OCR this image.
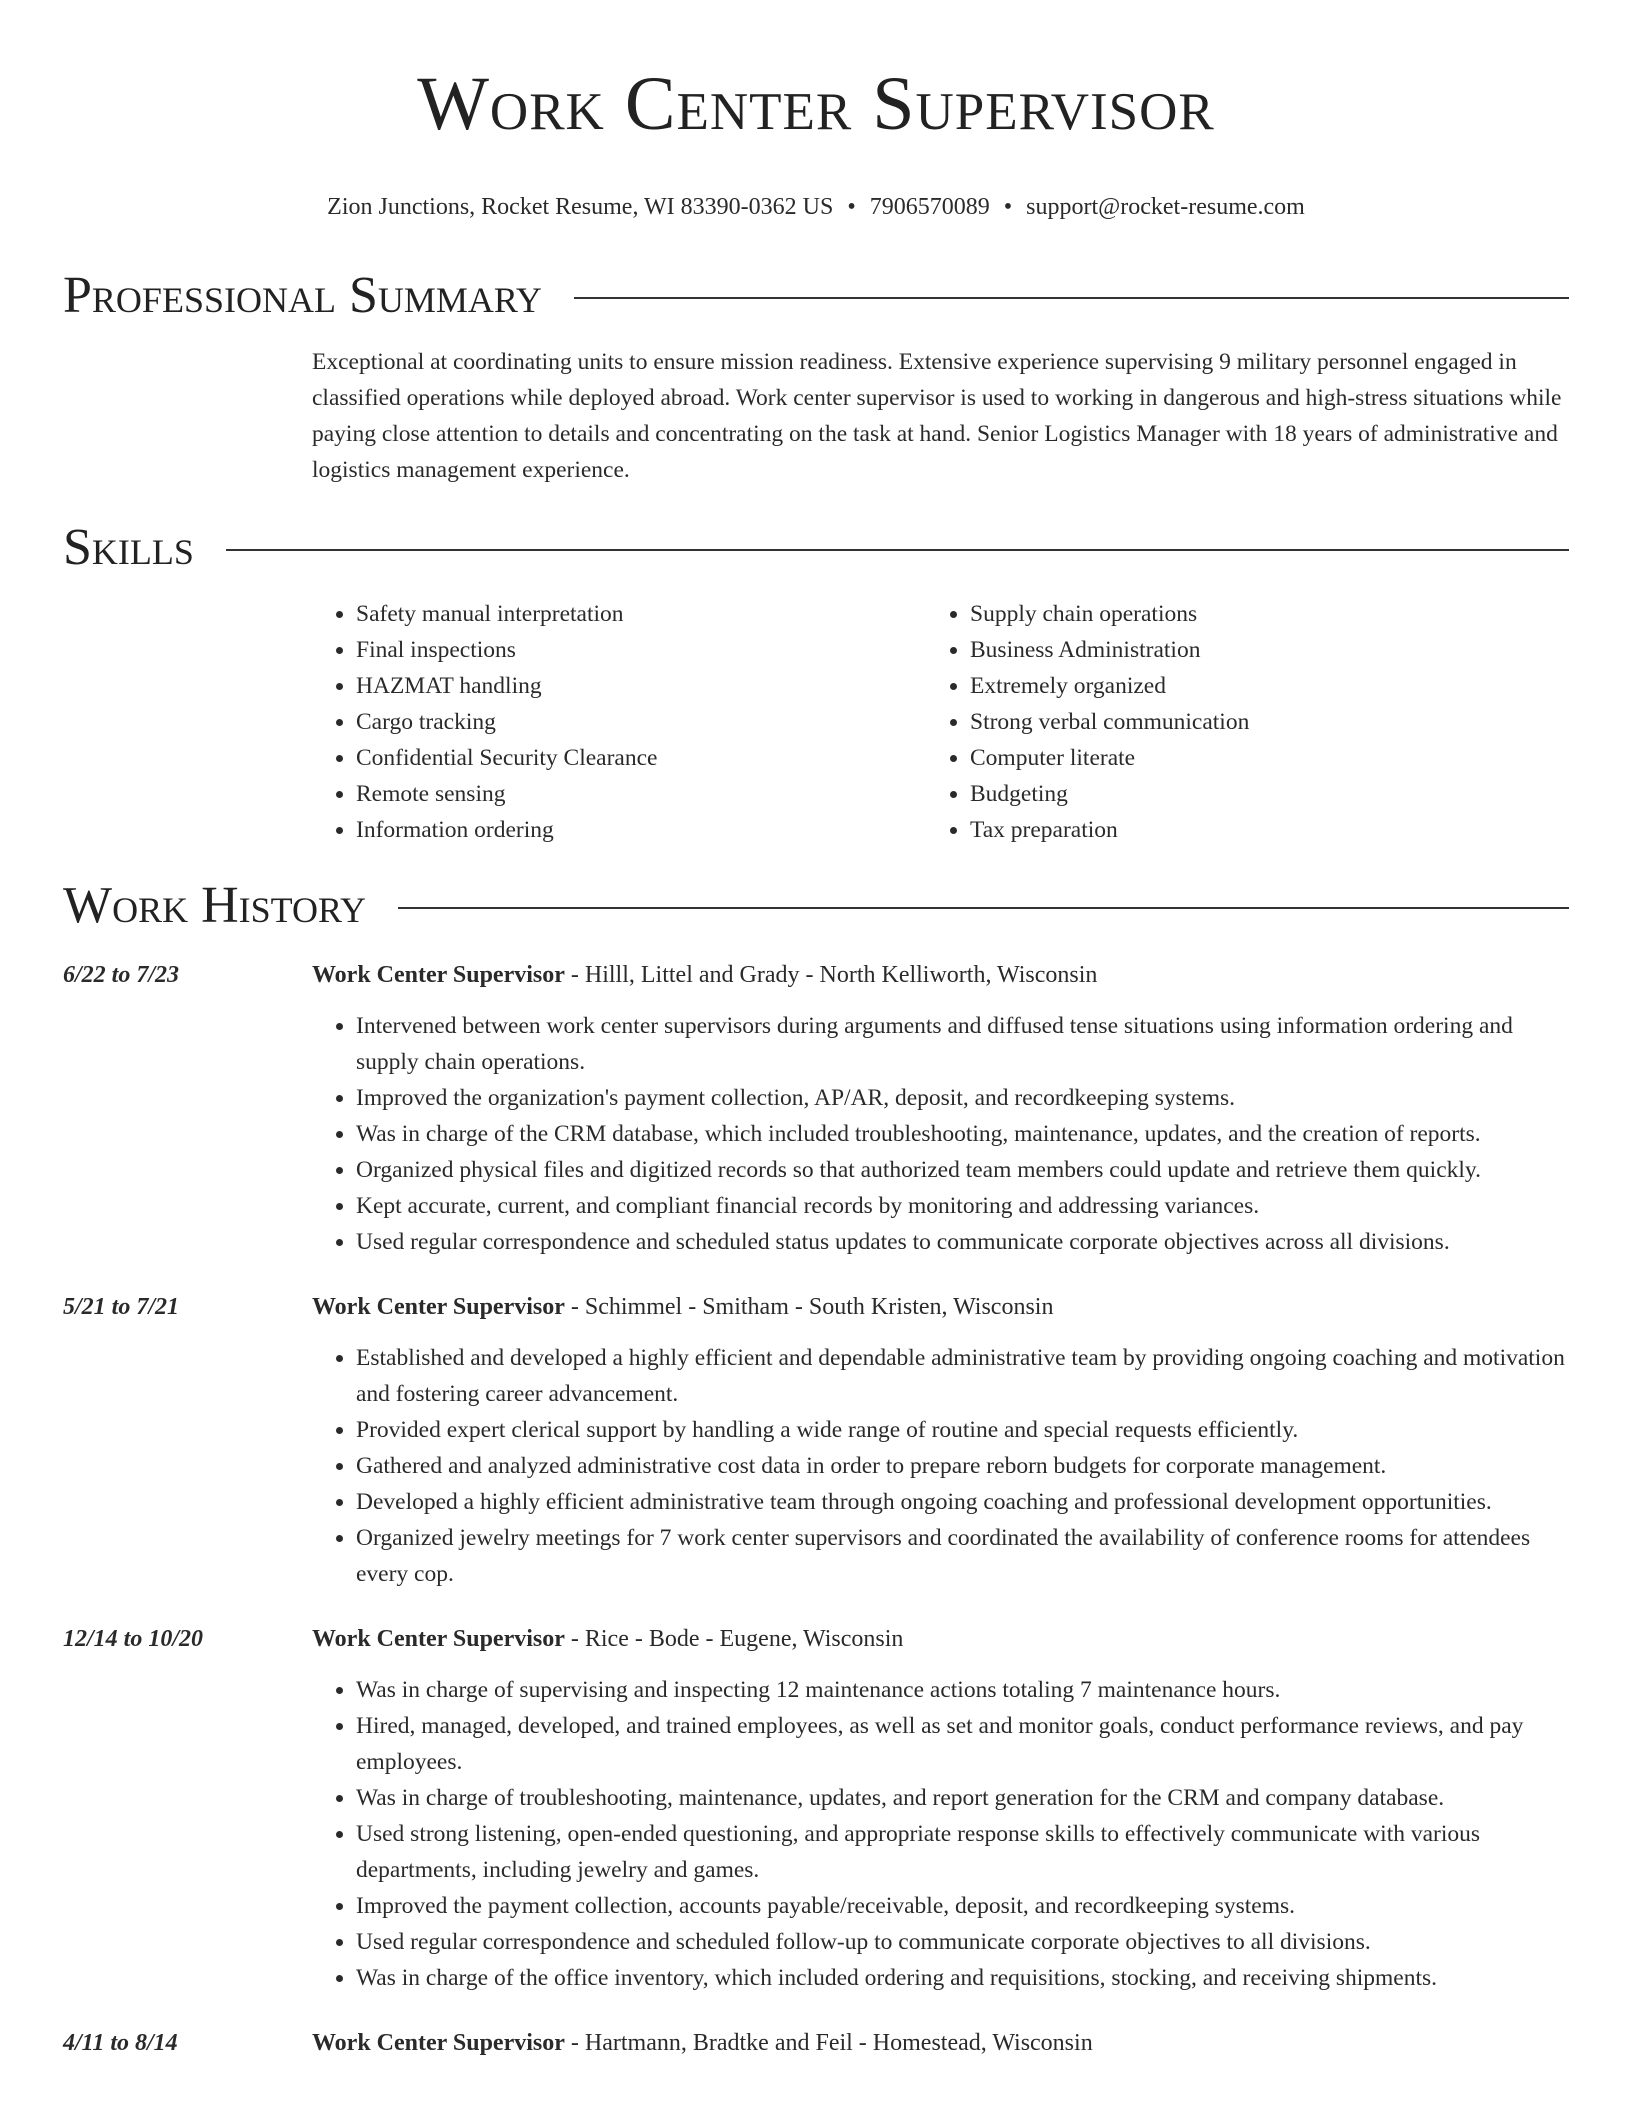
Work Center Supervisor
Zion Junctions, Rocket Resume, WI 83390-0362 US • 7906570089 • support@rocket-resume.com
Professional Summary
Exceptional at coordinating units to ensure mission readiness. Extensive experience supervising 9 military personnel engaged in classified operations while deployed abroad. Work center supervisor is used to working in dangerous and high-stress situations while paying close attention to details and concentrating on the task at hand. Senior Logistics Manager with 18 years of administrative and logistics management experience.
Skills
• Safety manual interpretation
• Final inspections
• HAZMAT handling
• Cargo tracking
• Confidential Security Clearance
• Remote sensing
• Information ordering
• Supply chain operations
• Business Administration
• Extremely organized
• Strong verbal communication
• Computer literate
• Budgeting
• Tax preparation
Work History
6/22 to 7/23	Work Center Supervisor - Hilll, Littel and Grady - North Kelliworth, Wisconsin
• Intervened between work center supervisors during arguments and diffused tense situations using information ordering and supply chain operations.
• Improved the organization's payment collection, AP/AR, deposit, and recordkeeping systems.
• Was in charge of the CRM database, which included troubleshooting, maintenance, updates, and the creation of reports.
• Organized physical files and digitized records so that authorized team members could update and retrieve them quickly.
• Kept accurate, current, and compliant financial records by monitoring and addressing variances.
• Used regular correspondence and scheduled status updates to communicate corporate objectives across all divisions.
5/21 to 7/21	Work Center Supervisor - Schimmel - Smitham - South Kristen, Wisconsin
• Established and developed a highly efficient and dependable administrative team by providing ongoing coaching and motivation and fostering career advancement.
• Provided expert clerical support by handling a wide range of routine and special requests efficiently.
• Gathered and analyzed administrative cost data in order to prepare reborn budgets for corporate management.
• Developed a highly efficient administrative team through ongoing coaching and professional development opportunities.
• Organized jewelry meetings for 7 work center supervisors and coordinated the availability of conference rooms for attendees every cop.
12/14 to 10/20	Work Center Supervisor - Rice - Bode - Eugene, Wisconsin
• Was in charge of supervising and inspecting 12 maintenance actions totaling 7 maintenance hours.
• Hired, managed, developed, and trained employees, as well as set and monitor goals, conduct performance reviews, and pay employees.
• Was in charge of troubleshooting, maintenance, updates, and report generation for the CRM and company database.
• Used strong listening, open-ended questioning, and appropriate response skills to effectively communicate with various departments, including jewelry and games.
• Improved the payment collection, accounts payable/receivable, deposit, and recordkeeping systems.
• Used regular correspondence and scheduled follow-up to communicate corporate objectives to all divisions.
• Was in charge of the office inventory, which included ordering and requisitions, stocking, and receiving shipments.
4/11 to 8/14	Work Center Supervisor - Hartmann, Bradtke and Feil - Homestead, Wisconsin
